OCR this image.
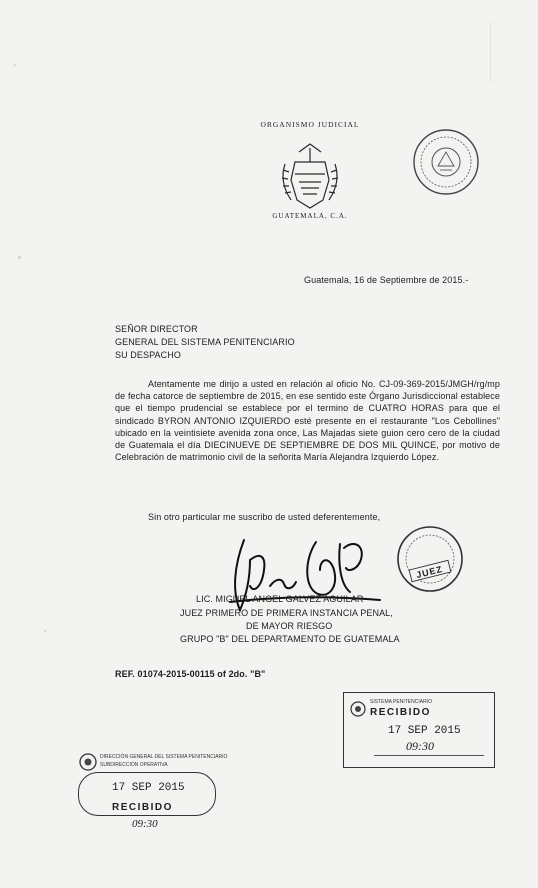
ORGANISMO JUDICIAL
GUATEMALA, C.A.
Guatemala, 16 de Septiembre de 2015.-
SEÑOR DIRECTOR
GENERAL DEL SISTEMA PENITENCIARIO
SU DESPACHO
Atentamente me dirijo a usted en relación al oficio No. CJ-09-369-2015/JMGH/rg/mp de fecha catorce de septiembre de 2015, en ese sentido este Órgano Jurisdiccional establece que el tiempo prudencial se establece por el termino de CUATRO HORAS para que el sindicado BYRON ANTONIO IZQUIERDO esté presente en el restaurante "Los Cebollines" ubicado en la veintisiete avenida zona once, Las Majadas siete guion cero cero de la ciudad de Guatemala el día DIECINUEVE DE SEPTIEMBRE DE DOS MIL QUINCE, por motivo de Celebración de matrimonio civil de la señorita María Alejandra Izquierdo López.
Sin otro particular me suscribo de usted deferentemente,
JUEZ
LIC. MIGUEL ANGEL GALVEZ AGUILAR
JUEZ PRIMERO DE PRIMERA INSTANCIA PENAL,
DE MAYOR RIESGO
GRUPO "B" DEL DEPARTAMENTO DE GUATEMALA
REF. 01074-2015-00115 of 2do. "B"
SISTEMA PENITENCIARIO
RECIBIDO
17 SEP 2015
09:30
DIRECCIÓN GENERAL DEL SISTEMA PENITENCIARIO
SUBDIRECCIÓN OPERATIVA
17 SEP 2015
RECIBIDO
09:30
